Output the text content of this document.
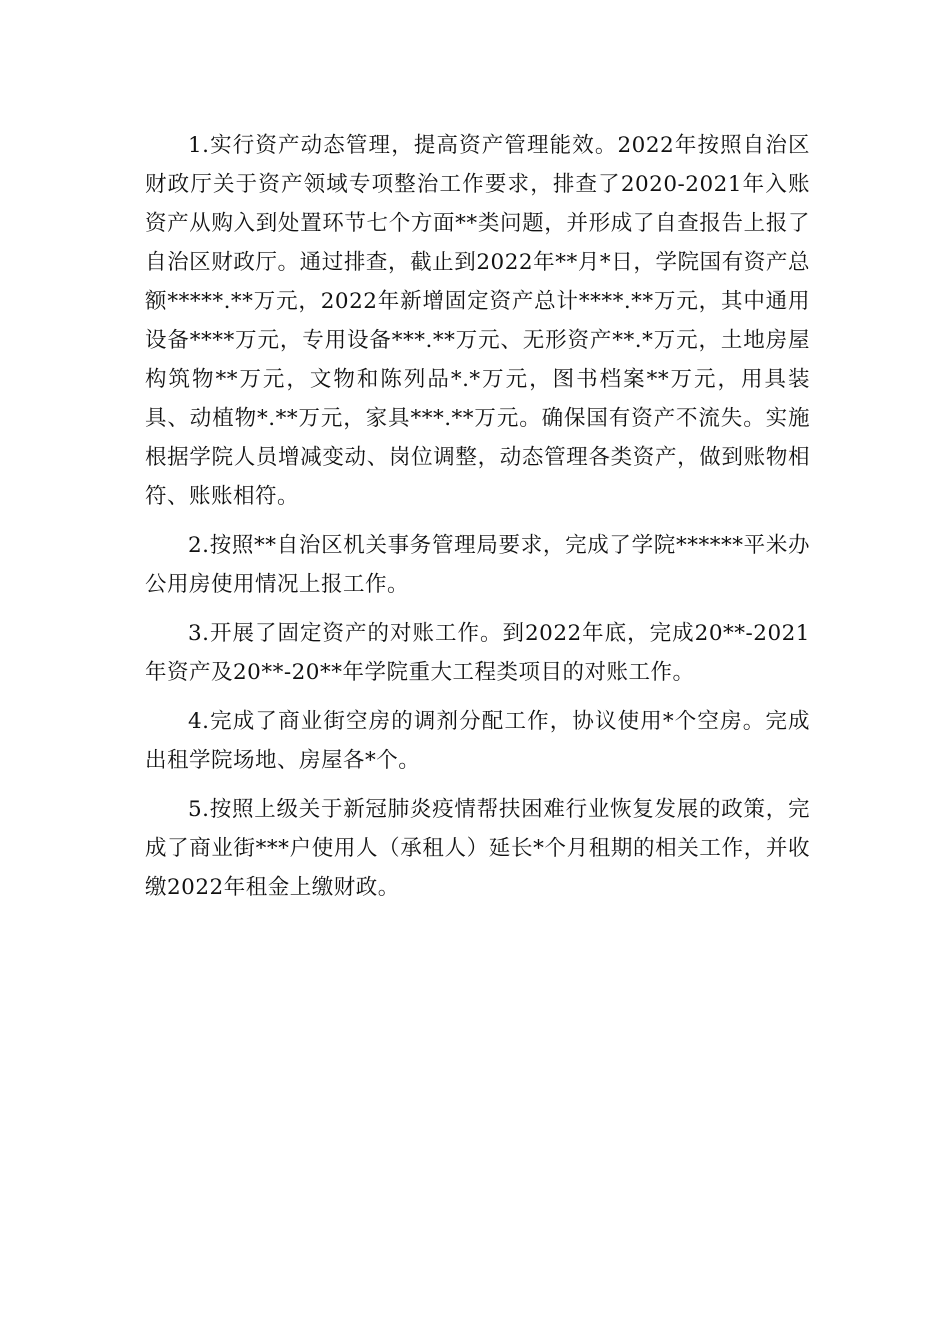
1.实行资产动态管理，提高资产管理能效。2022年按照自治区财政厅关于资产领域专项整治工作要求，排查了2020-2021年入账资产从购入到处置环节七个方面**类问题，并形成了自查报告上报了自治区财政厅。通过排查，截止到2022年**月*日，学院国有资产总额*****.**万元，2022年新增固定资产总计****.**万元，其中通用设备****万元，专用设备***.**万元、无形资产**.*万元，土地房屋构筑物**万元，文物和陈列品*.*万元，图书档案**万元，用具装具、动植物*.**万元，家具***.**万元。确保国有资产不流失。实施根据学院人员增减变动、岗位调整，动态管理各类资产，做到账物相符、账账相符。

2.按照**自治区机关事务管理局要求，完成了学院******平米办公用房使用情况上报工作。

3.开展了固定资产的对账工作。到2022年底，完成20**-2021年资产及20**-20**年学院重大工程类项目的对账工作。

4.完成了商业街空房的调剂分配工作，协议使用*个空房。完成出租学院场地、房屋各*个。

5.按照上级关于新冠肺炎疫情帮扶困难行业恢复发展的政策，完成了商业街***户使用人（承租人）延长*个月租期的相关工作，并收缴2022年租金上缴财政。
